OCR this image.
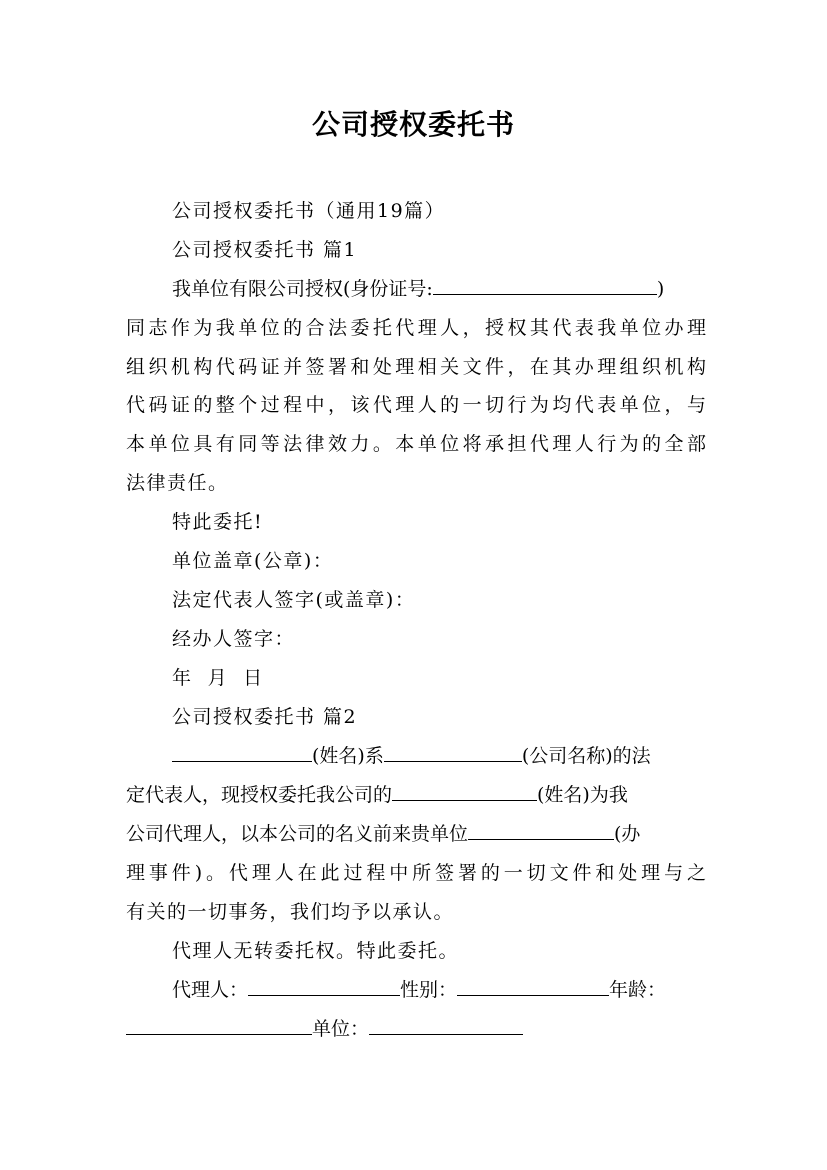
公司授权委托书
公司授权委托书（通用19篇）
公司授权委托书 篇1
我单位有限公司授权(身份证号:	)
同志作为我单位的合法委托代理人，授权其代表我单位办理
组织机构代码证并签署和处理相关文件，在其办理组织机构
代码证的整个过程中，该代理人的一切行为均代表单位，与
本单位具有同等法律效力。本单位将承担代理人行为的全部
法律责任。
特此委托!
单位盖章(公章)：
法定代表人签字(或盖章)：
经办人签字：
年  月  日
公司授权委托书 篇2
(姓名)系	(公司名称)的法
定代表人，现授权委托我公司的	(姓名)为我
公司代理人，以本公司的名义前来贵单位	(办
理事件)。代理人在此过程中所签署的一切文件和处理与之
有关的一切事务，我们均予以承认。
代理人无转委托权。特此委托。
代理人：	性别：	年龄：
单位：
